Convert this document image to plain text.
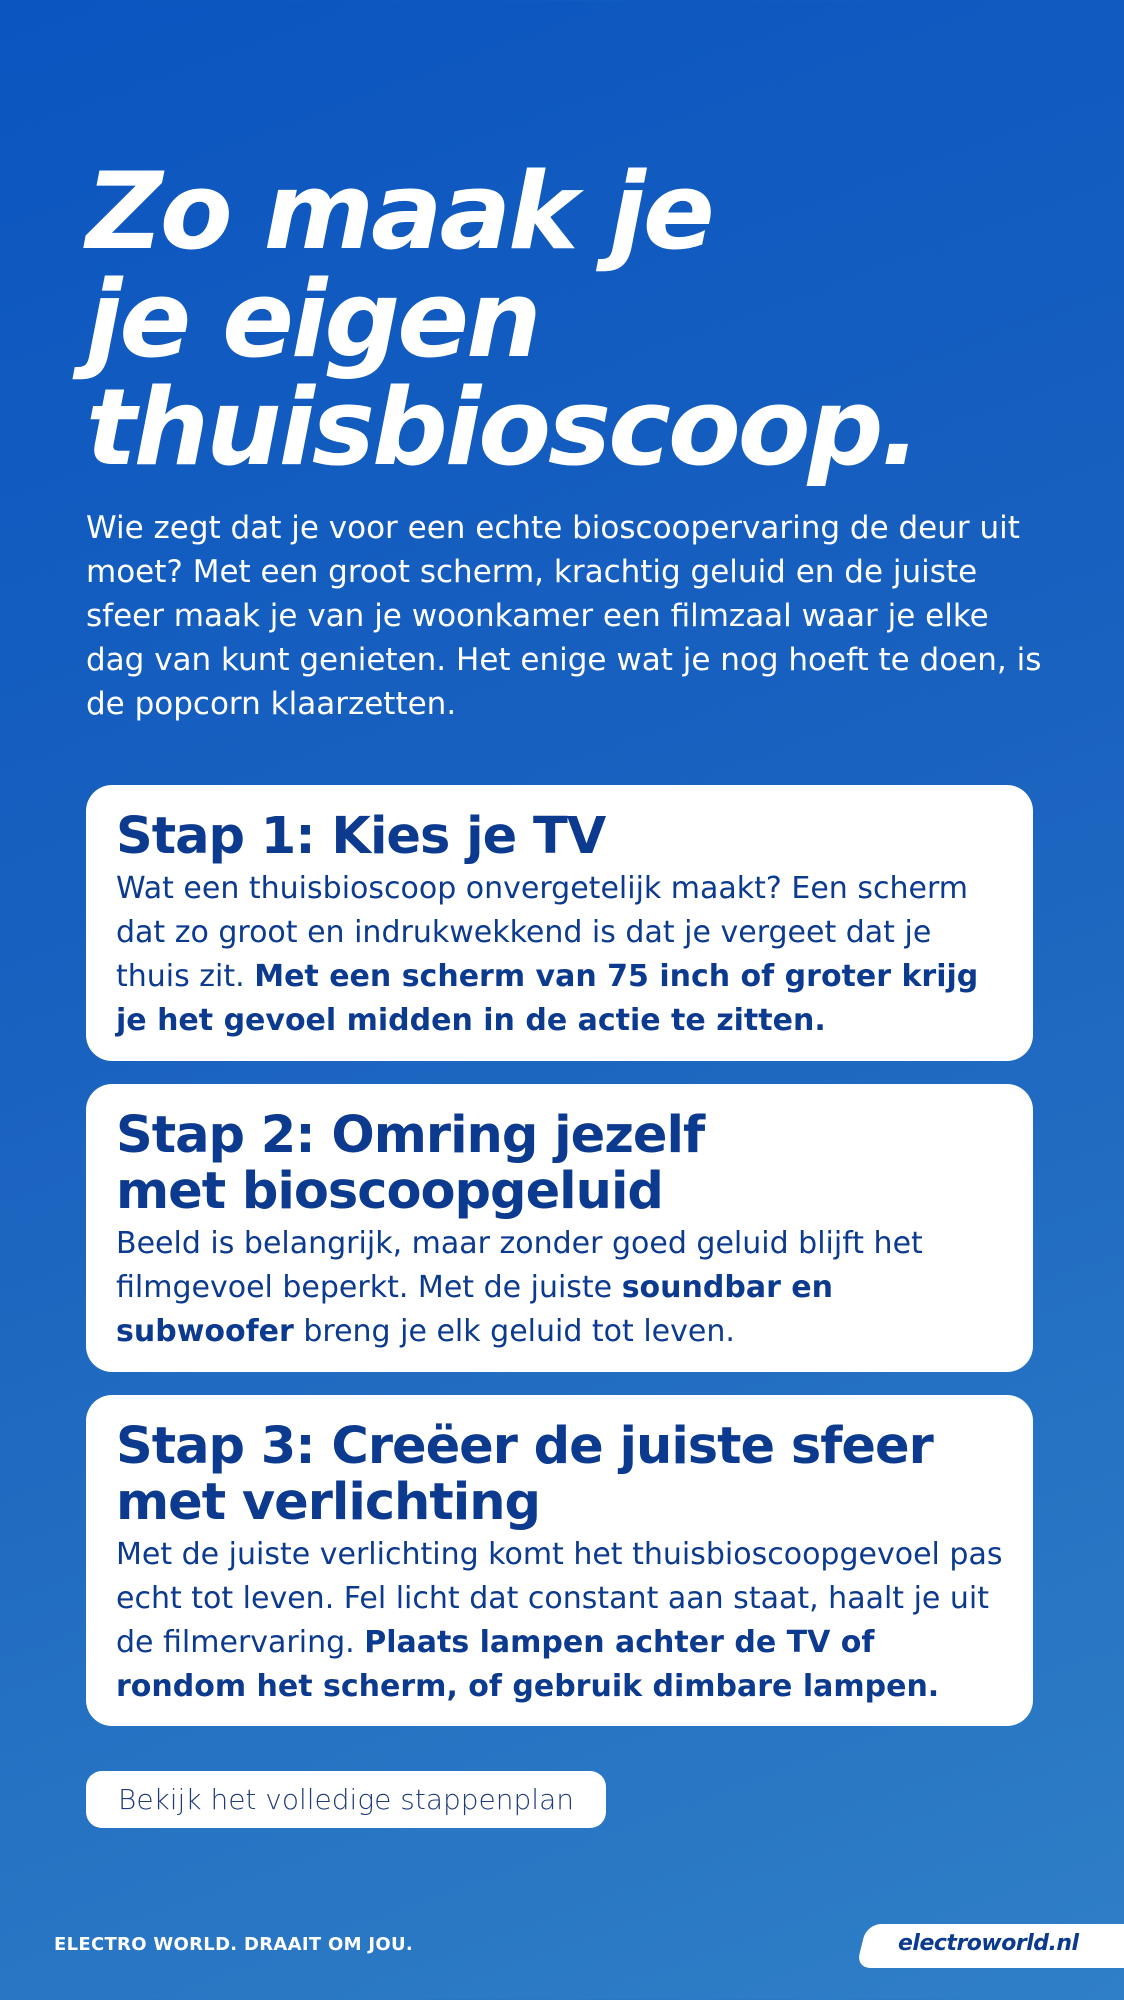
Zo maak je
je eigen
thuisbioscoop.

Wie zegt dat je voor een echte bioscoopervaring de deur uit moet? Met een groot scherm, krachtig geluid en de juiste sfeer maak je van je woonkamer een filmzaal waar je elke dag van kunt genieten. Het enige wat je nog hoeft te doen, is de popcorn klaarzetten.

Stap 1: Kies je TV

Wat een thuisbioscoop onvergetelijk maakt? Een scherm dat zo groot en indrukwekkend is dat je vergeet dat je thuis zit. Met een scherm van 75 inch of groter krijg je het gevoel midden in de actie te zitten.

Stap 2: Omring jezelf
met bioscoopgeluid

Beeld is belangrijk, maar zonder goed geluid blijft het filmgevoel beperkt. Met de juiste soundbar en subwoofer breng je elk geluid tot leven.

Stap 3: Creëer de juiste sfeer
met verlichting

Met de juiste verlichting komt het thuisbioscoopgevoel pas echt tot leven. Fel licht dat constant aan staat, haalt je uit de filmervaring. Plaats lampen achter de TV of rondom het scherm, of gebruik dimbare lampen.

Bekijk het volledige stappenplan
ELECTRO WORLD. DRAAIT OM JOU.	electroworld.nl
